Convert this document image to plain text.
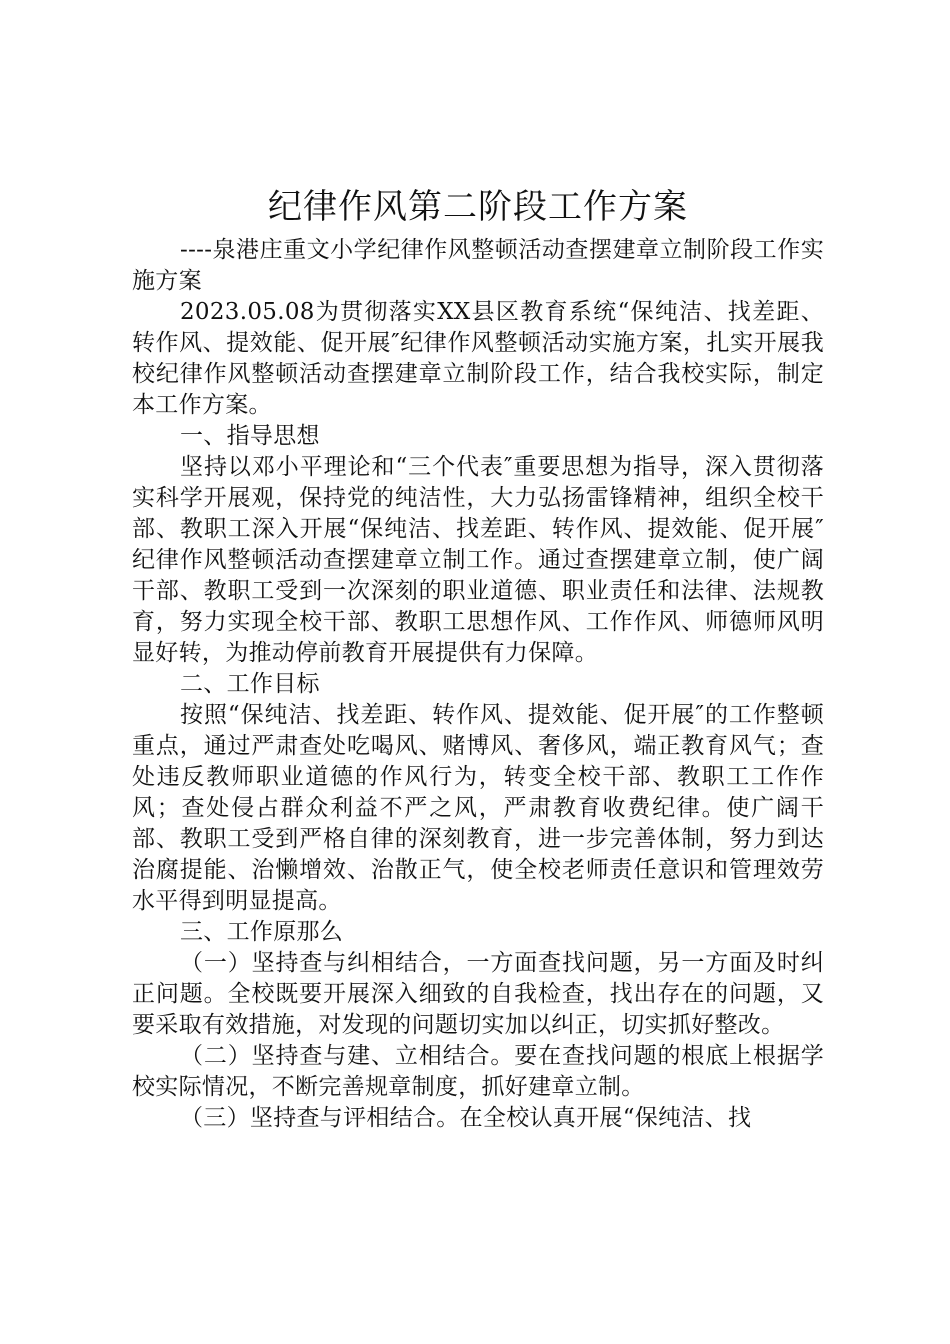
纪律作风第二阶段工作方案

----泉港庄重文小学纪律作风整顿活动查摆建章立制阶段工作实施方案

2023.05.08为贯彻落实XX县区教育系统“保纯洁、找差距、转作风、提效能、促开展″纪律作风整顿活动实施方案，扎实开展我校纪律作风整顿活动查摆建章立制阶段工作，结合我校实际，制定本工作方案。

一、指导思想

坚持以邓小平理论和“三个代表″重要思想为指导，深入贯彻落实科学开展观，保持党的纯洁性，大力弘扬雷锋精神，组织全校干部、教职工深入开展“保纯洁、找差距、转作风、提效能、促开展″纪律作风整顿活动查摆建章立制工作。通过查摆建章立制，使广阔干部、教职工受到一次深刻的职业道德、职业责任和法律、法规教育，努力实现全校干部、教职工思想作风、工作作风、师德师风明显好转，为推动停前教育开展提供有力保障。

二、工作目标

按照“保纯洁、找差距、转作风、提效能、促开展″的工作整顿重点，通过严肃查处吃喝风、赌博风、奢侈风，端正教育风气；查处违反教师职业道德的作风行为，转变全校干部、教职工工作作风；查处侵占群众利益不严之风，严肃教育收费纪律。使广阔干部、教职工受到严格自律的深刻教育，进一步完善体制，努力到达治腐提能、治懒增效、治散正气，使全校老师责任意识和管理效劳水平得到明显提高。

三、工作原那么

（一）坚持查与纠相结合，一方面查找问题，另一方面及时纠正问题。全校既要开展深入细致的自我检查，找出存在的问题，又要采取有效措施，对发现的问题切实加以纠正，切实抓好整改。

（二）坚持查与建、立相结合。要在查找问题的根底上根据学校实际情况，不断完善规章制度，抓好建章立制。

（三）坚持查与评相结合。在全校认真开展“保纯洁、找
